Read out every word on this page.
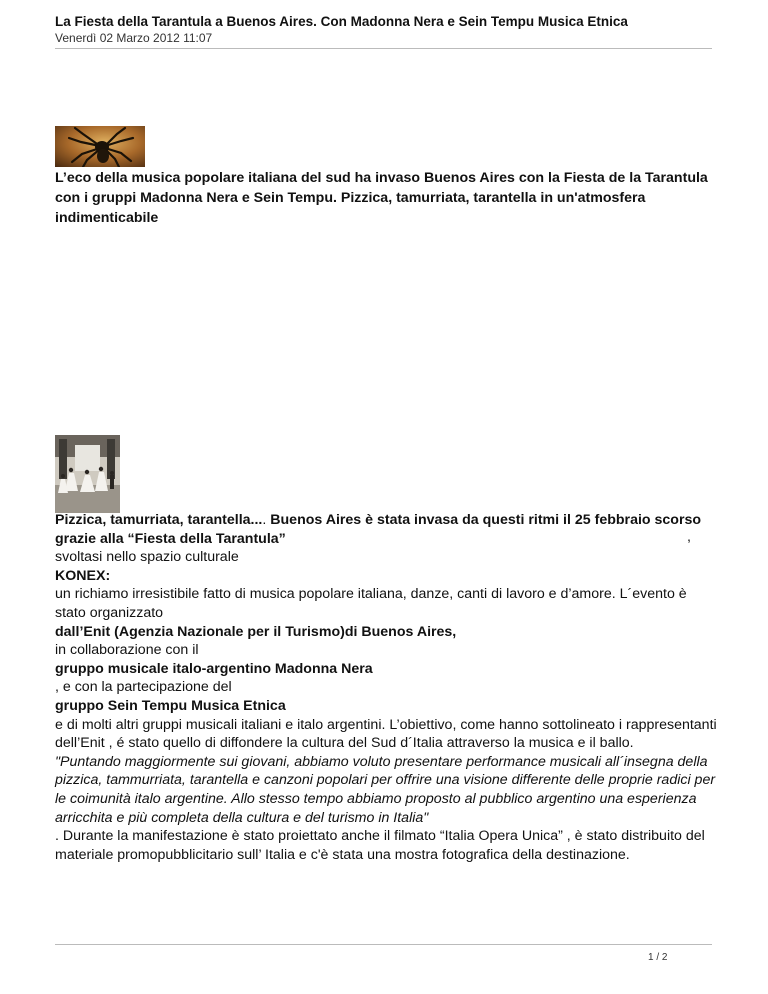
La Fiesta della Tarantula a Buenos Aires. Con Madonna Nera e Sein Tempu Musica Etnica
Venerdì 02 Marzo 2012 11:07
L’eco della musica popolare italiana del sud ha invaso Buenos Aires con la Fiesta de la Tarantula con i gruppi Madonna Nera e Sein Tempu. Pizzica, tamurriata, tarantella in un'atmosfera indimenticabile

Pizzica, tamurriata, tarantella.... Buenos Aires è stata invasa da questi ritmi il 25 febbraio scorso grazie alla “Fiesta della Tarantula”	,

svoltasi nello spazio culturale

KONEX:

un richiamo irresistibile fatto di musica popolare italiana, danze, canti di lavoro e d’amore. L´evento è stato organizzato

dall’Enit (Agenzia Nazionale per il Turismo)di Buenos Aires,

in collaborazione con il

gruppo musicale italo-argentino Madonna Nera

, e con la partecipazione del

gruppo Sein Tempu Musica Etnica

e di molti altri gruppi musicali italiani e italo argentini. L’obiettivo, come hanno sottolineato i rappresentanti dell’Enit , é stato quello di diffondere la cultura del Sud d´Italia attraverso la musica e il ballo.

"Puntando maggiormente sui giovani, abbiamo voluto presentare performance musicali all´insegna della pizzica, tammurriata, tarantella e canzoni popolari per offrire una visione differente delle proprie radici per le coimunità italo argentine. Allo stesso tempo abbiamo proposto al pubblico argentino una esperienza arricchita e più completa della cultura e del turismo in Italia"

. Durante la manifestazione è stato proiettato anche il filmato “Italia Opera Unica” , è stato distribuito del materiale promopubblicitario sull’ Italia e c'è stata una mostra fotografica della destinazione.

1 / 2
